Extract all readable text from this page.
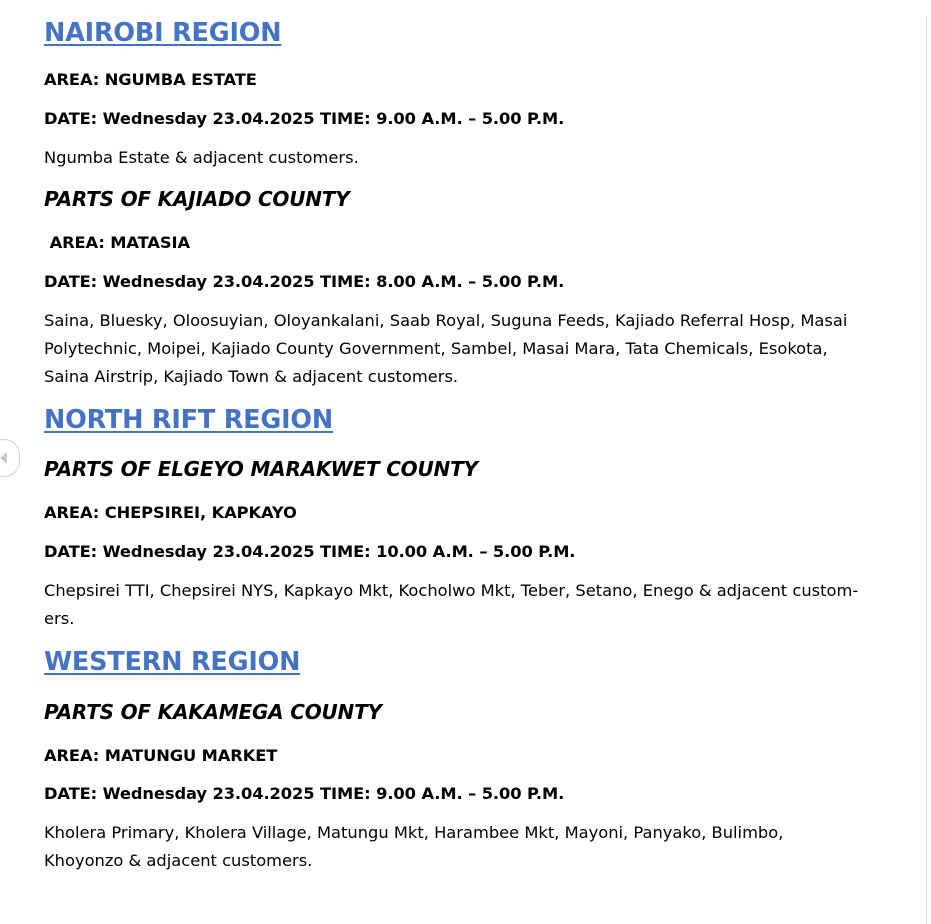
NAIROBI REGION
AREA: NGUMBA ESTATE
DATE: Wednesday 23.04.2025 TIME: 9.00 A.M. – 5.00 P.M.
Ngumba Estate & adjacent customers.
PARTS OF KAJIADO COUNTY
AREA: MATASIA
DATE: Wednesday 23.04.2025 TIME: 8.00 A.M. – 5.00 P.M.
Saina, Bluesky, Oloosuyian, Oloyankalani, Saab Royal, Suguna Feeds, Kajiado Referral Hosp, Masai
Polytechnic, Moipei, Kajiado County Government, Sambel, Masai Mara, Tata Chemicals, Esokota,
Saina Airstrip, Kajiado Town & adjacent customers.
NORTH RIFT REGION
PARTS OF ELGEYO MARAKWET COUNTY
AREA: CHEPSIREI, KAPKAYO
DATE: Wednesday 23.04.2025 TIME: 10.00 A.M. – 5.00 P.M.
Chepsirei TTI, Chepsirei NYS, Kapkayo Mkt, Kocholwo Mkt, Teber, Setano, Enego & adjacent custom-
ers.
WESTERN REGION
PARTS OF KAKAMEGA COUNTY
AREA: MATUNGU MARKET
DATE: Wednesday 23.04.2025 TIME: 9.00 A.M. – 5.00 P.M.
Kholera Primary, Kholera Village, Matungu Mkt, Harambee Mkt, Mayoni, Panyako, Bulimbo,
Khoyonzo & adjacent customers.
